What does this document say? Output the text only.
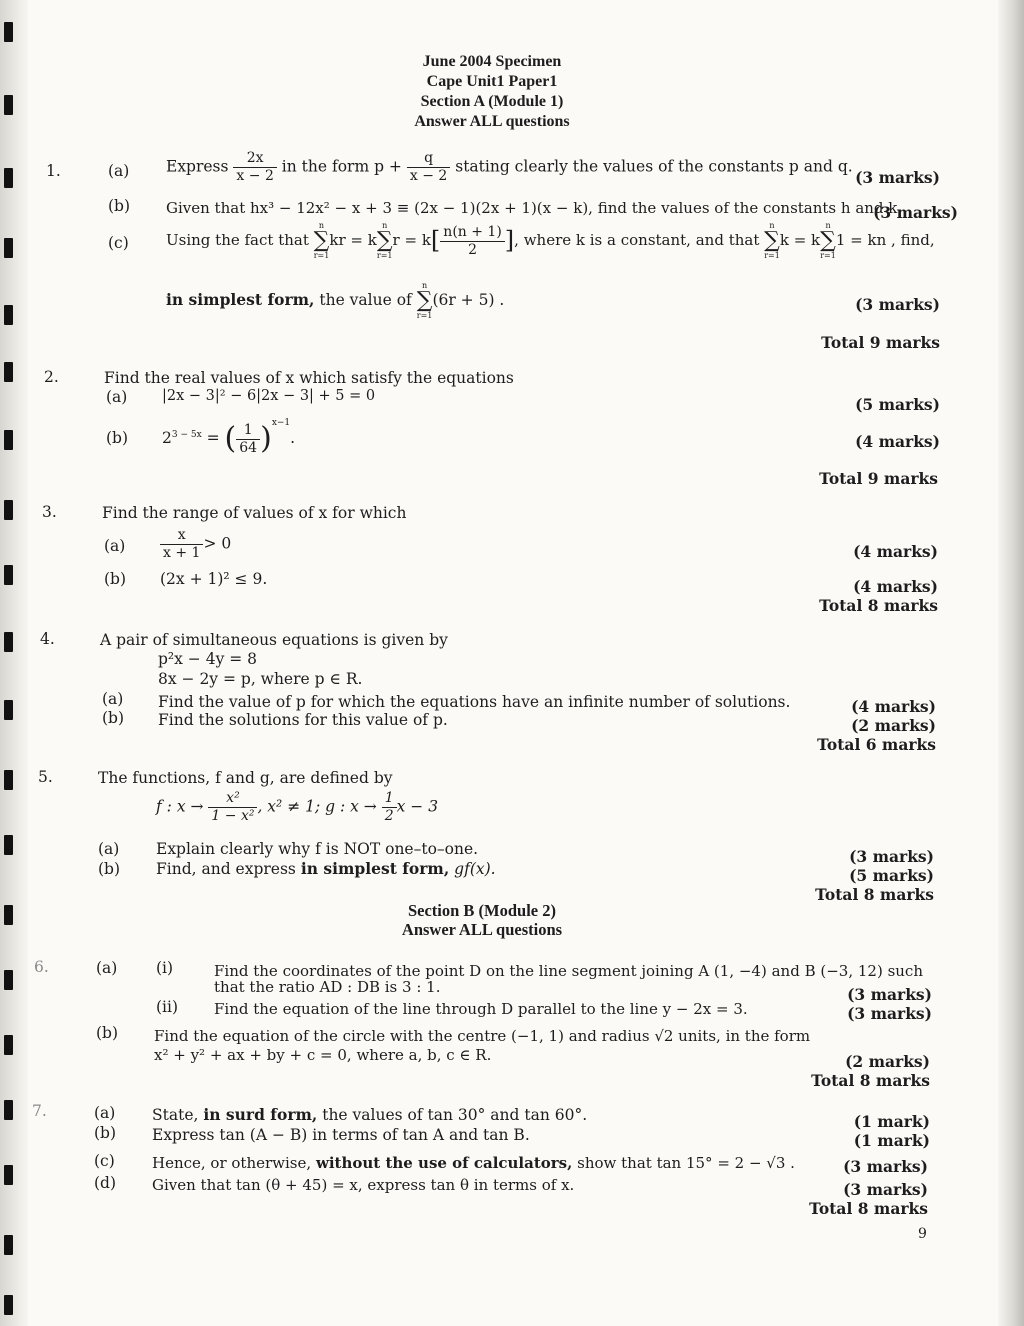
June 2004 Specimen
Cape Unit1 Paper1
Section A (Module 1)
Answer ALL questions
1.	(a) Express $\frac{2x}{x - 2}$ in the form $p + \frac{q}{x - 2}$ stating clearly the values of the constants p and q.
(3 marks)
(b) Given that hx³ − 12x² − x + 3 ≡ (2x − 1)(2x + 1)(x − k), find the values of the constants h and k.
(3 marks)
(c) Using the fact that
n
∑
r=1
kr = k
n
∑
r=1
$r = k[ \frac{n(n + 1)}{2}$ ], where k is a constant, and that
n
∑
r=1
k = k
n
∑
r=1
1 = kn , find,
in simplest form, the value of
n
∑
r=1
(6r + 5) .	(3 marks)
Total 9 marks
2.	Find the real values of x which satisfy the equations
(a) |2x − 3|² − 6|2x − 3| + 5 = 0	(5 marks)
(b) $2^{3 - 5x}$ = ( $\frac{1}{64} )^{x-1}$.	(4 marks)
Total 9 marks
3.	Find the range of values of x for which
$(a) \frac{x}{x + 1} > 0$	(4 marks)
(b) (2x + 1)² ≤ 9.	(4 marks)
Total 8 marks
4.	A pair of simultaneous equations is given by
p²x − 4y = 8
8x − 2y = p, where p ∈ R.
(a) Find the value of p for which the equations have an infinite number of solutions.	(4 marks)
(b) Find the solutions for this value of p.	(2 marks)
Total 6 marks
5.	The functions, f and g, are defined by
f : $x \to \frac{\text{x²}}{\text{1 − x²}}$ , x² ≠ 1; g : $x \to \frac{1}{2}$ x − 3
(a) Explain clearly why f is NOT one–to–one.	(3 marks)
(b) Find, and express in simplest form, gf(x).	(5 marks)
Total 8 marks
Section B (Module 2)
Answer ALL questions
6.	(a) (i)	Find the coordinates of the point D on the line segment joining A (1, −4) and B (−3, 12) such
that the ratio AD : DB is 3 : 1.	(3 marks)
(ii) Find the equation of the line through D parallel to the line y − 2x = 3.	(3 marks)
(b) Find the equation of the circle with the centre (−1, 1) and radius √2 units, in the form
x² + y² + ax + by + c = 0, where a, b, c ∈ R.	(2 marks)
Total 8 marks
7.	(a) State, in surd form, the values of tan 30° and tan 60°.	(1 mark)
(b) Express tan (A − B) in terms of tan A and tan B.	(1 mark)
(c) Hence, or otherwise, without the use of calculators, show that tan 15° = 2 − √3 .	(3 marks)
(d) Given that tan (θ + 45) = x, express tan θ in terms of x.	(3 marks)
Total 8 marks
9
